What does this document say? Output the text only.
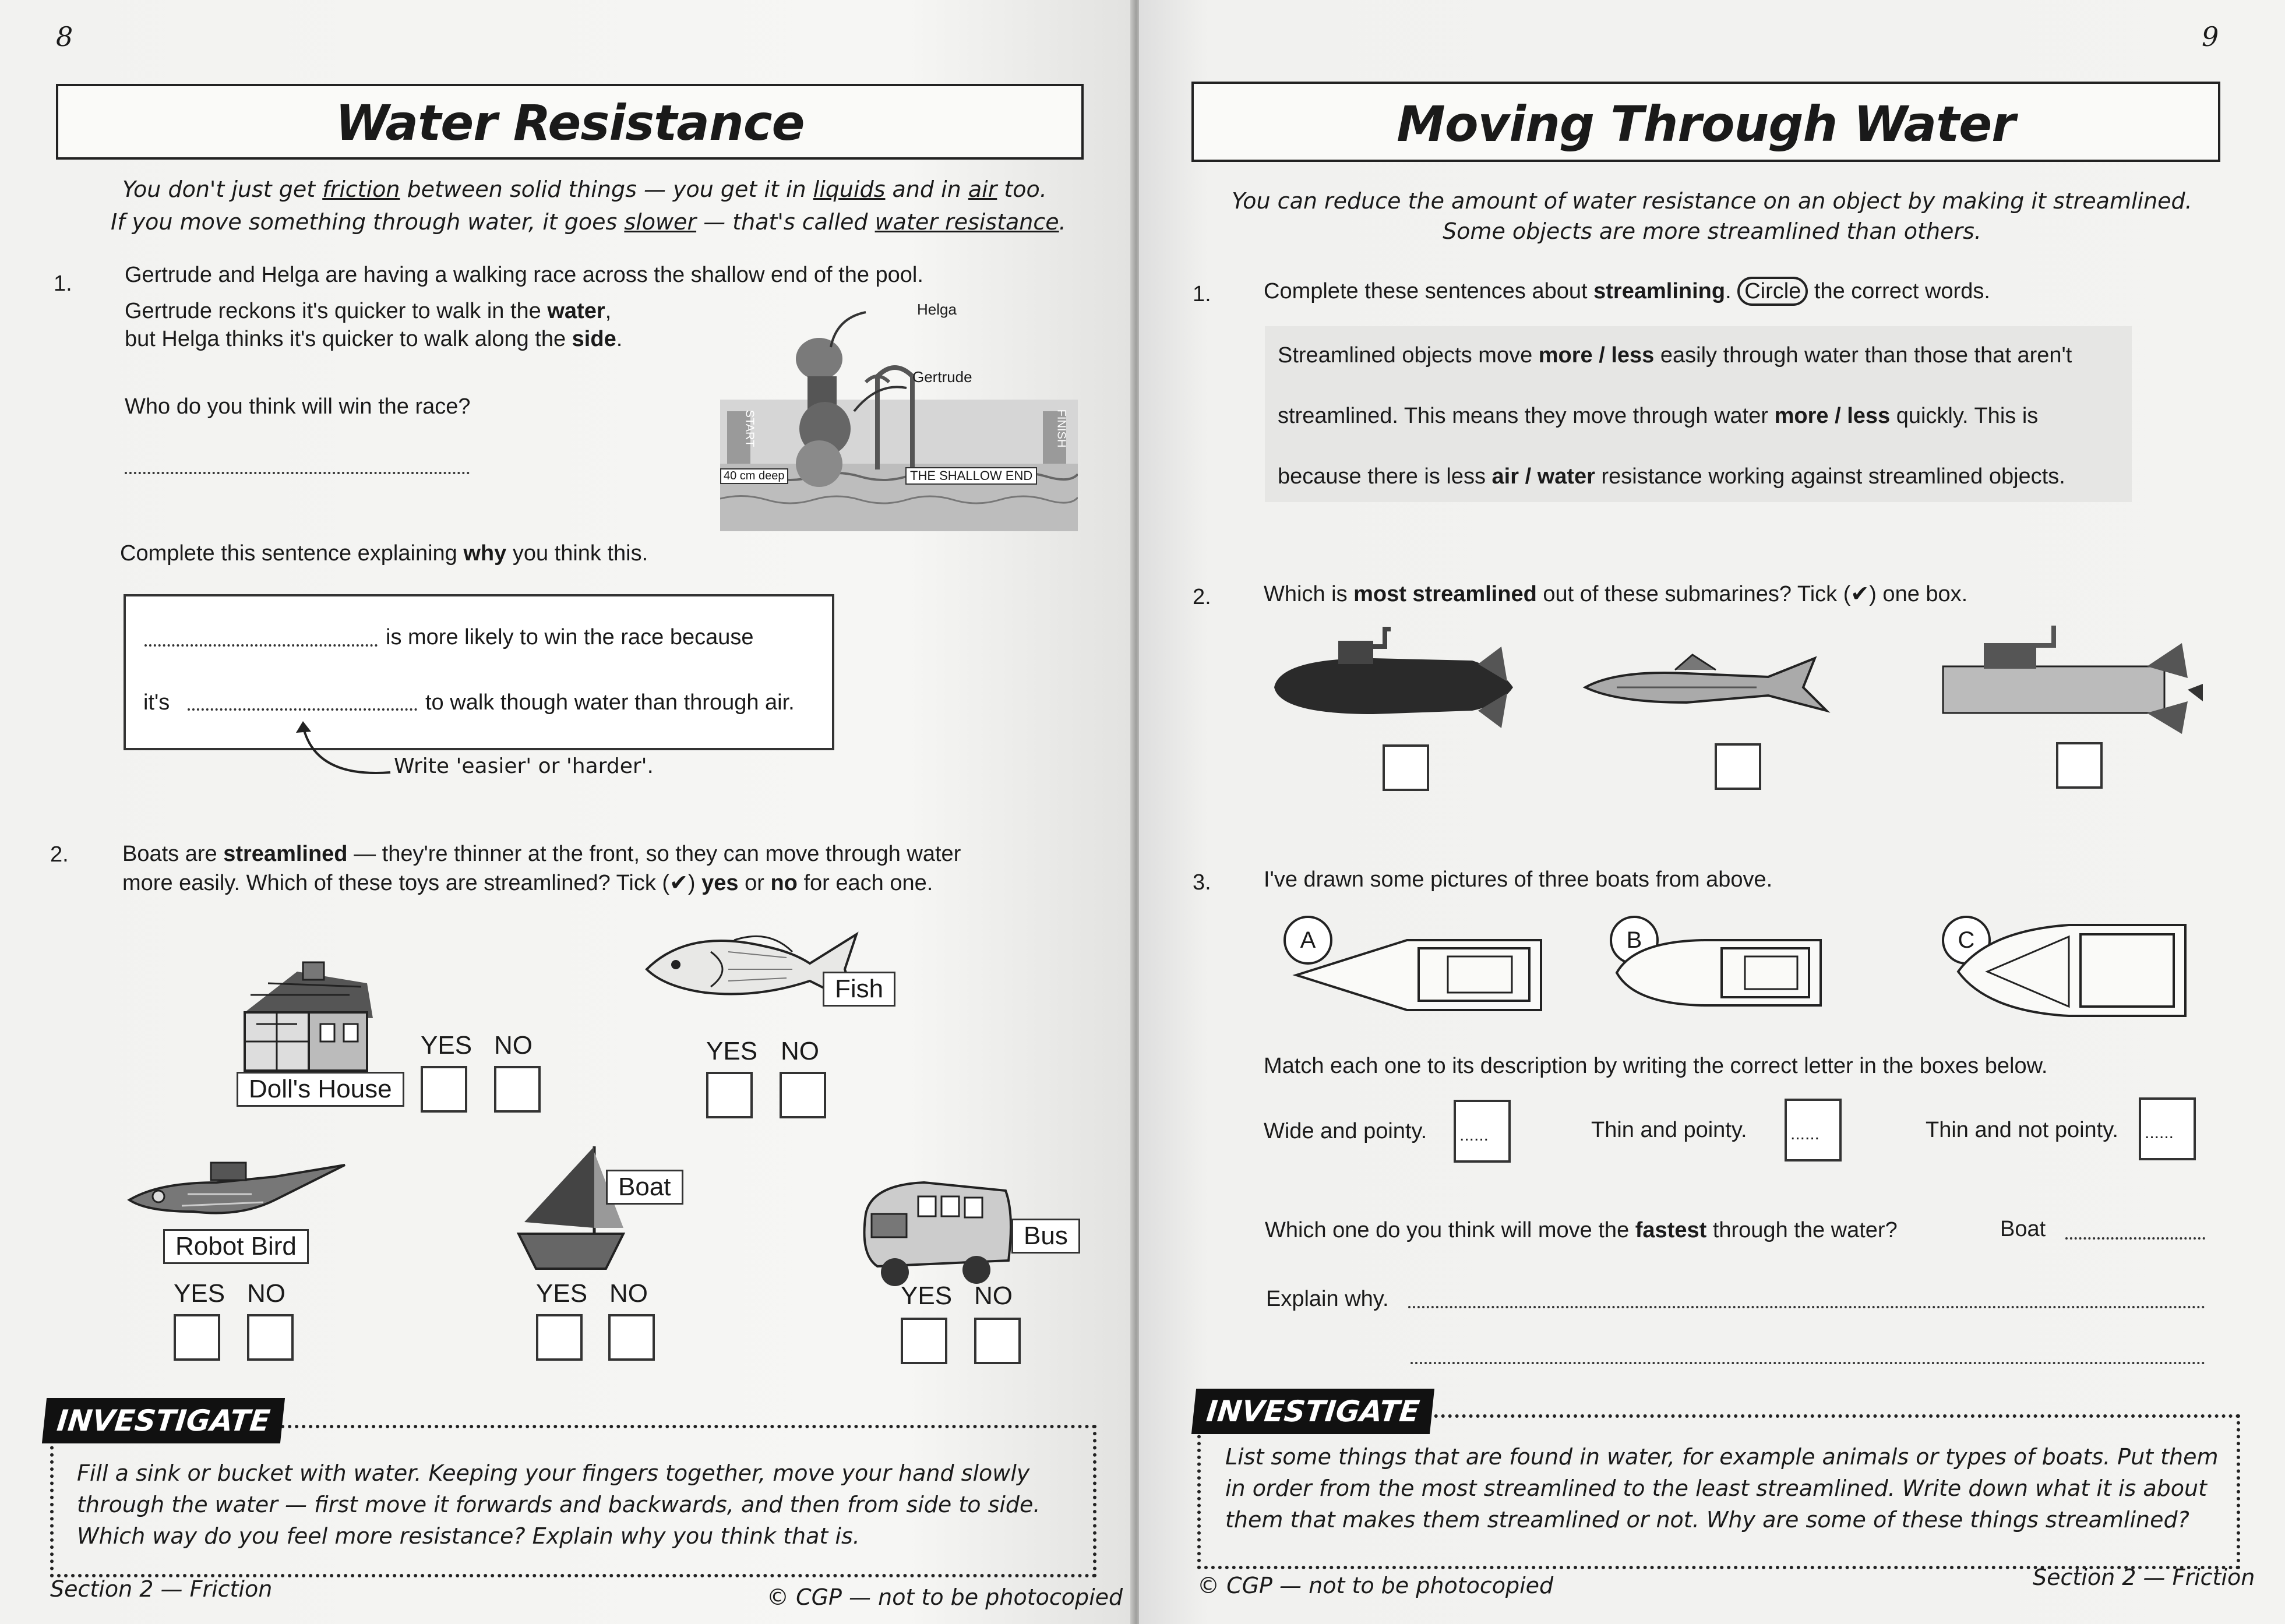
8
Water Resistance
You don't just get friction between solid things — you get it in liquids and in air too.
If you move something through water, it goes slower — that's called water resistance.
1. Gertrude and Helga are having a walking race across the shallow end of the pool.
Gertrude reckons it's quicker to walk in the water,
but Helga thinks it's quicker to walk along the side.
Helga
Gertrude
START	FINISH
40 cm deep	THE SHALLOW END
Who do you think will win the race?
Complete this sentence explaining why you think this.
is more likely to win the race because
it's	to walk though water than through air.
Write 'easier' or 'harder'.
2. Boats are streamlined — they're thinner at the front, so they can move through water
more easily. Which of these toys are streamlined? Tick (✔) yes or no for each one.
Doll's House
YES NO
Fish
YES NO
Robot Bird
YES NO
Boat
YES NO
Bus
YES NO
INVESTIGATE
Fill a sink or bucket with water. Keeping your fingers together, move your hand slowly
through the water — first move it forwards and backwards, and then from side to side.
Which way do you feel more resistance? Explain why you think that is.
Section 2 — Friction	© CGP — not to be photocopied
9
Moving Through Water
You can reduce the amount of water resistance on an object by making it streamlined.
Some objects are more streamlined than others.
1. Complete these sentences about streamlining. Circle the correct words.
Streamlined objects move more / less easily through water than those that aren't
streamlined. This means they move through water more / less quickly. This is
because there is less air / water resistance working against streamlined objects.
2. Which is most streamlined out of these submarines? Tick (✔) one box.
3. I've drawn some pictures of three boats from above.
A	B	C
Match each one to its description by writing the correct letter in the boxes below.
Wide and pointy. ......	Thin and pointy. ......	Thin and not pointy. ......
Which one do you think will move the fastest through the water?	Boat
Explain why.
INVESTIGATE
List some things that are found in water, for example animals or types of boats. Put them
in order from the most streamlined to the least streamlined. Write down what it is about
them that makes them streamlined or not. Why are some of these things streamlined?
© CGP — not to be photocopied	Section 2 — Friction
